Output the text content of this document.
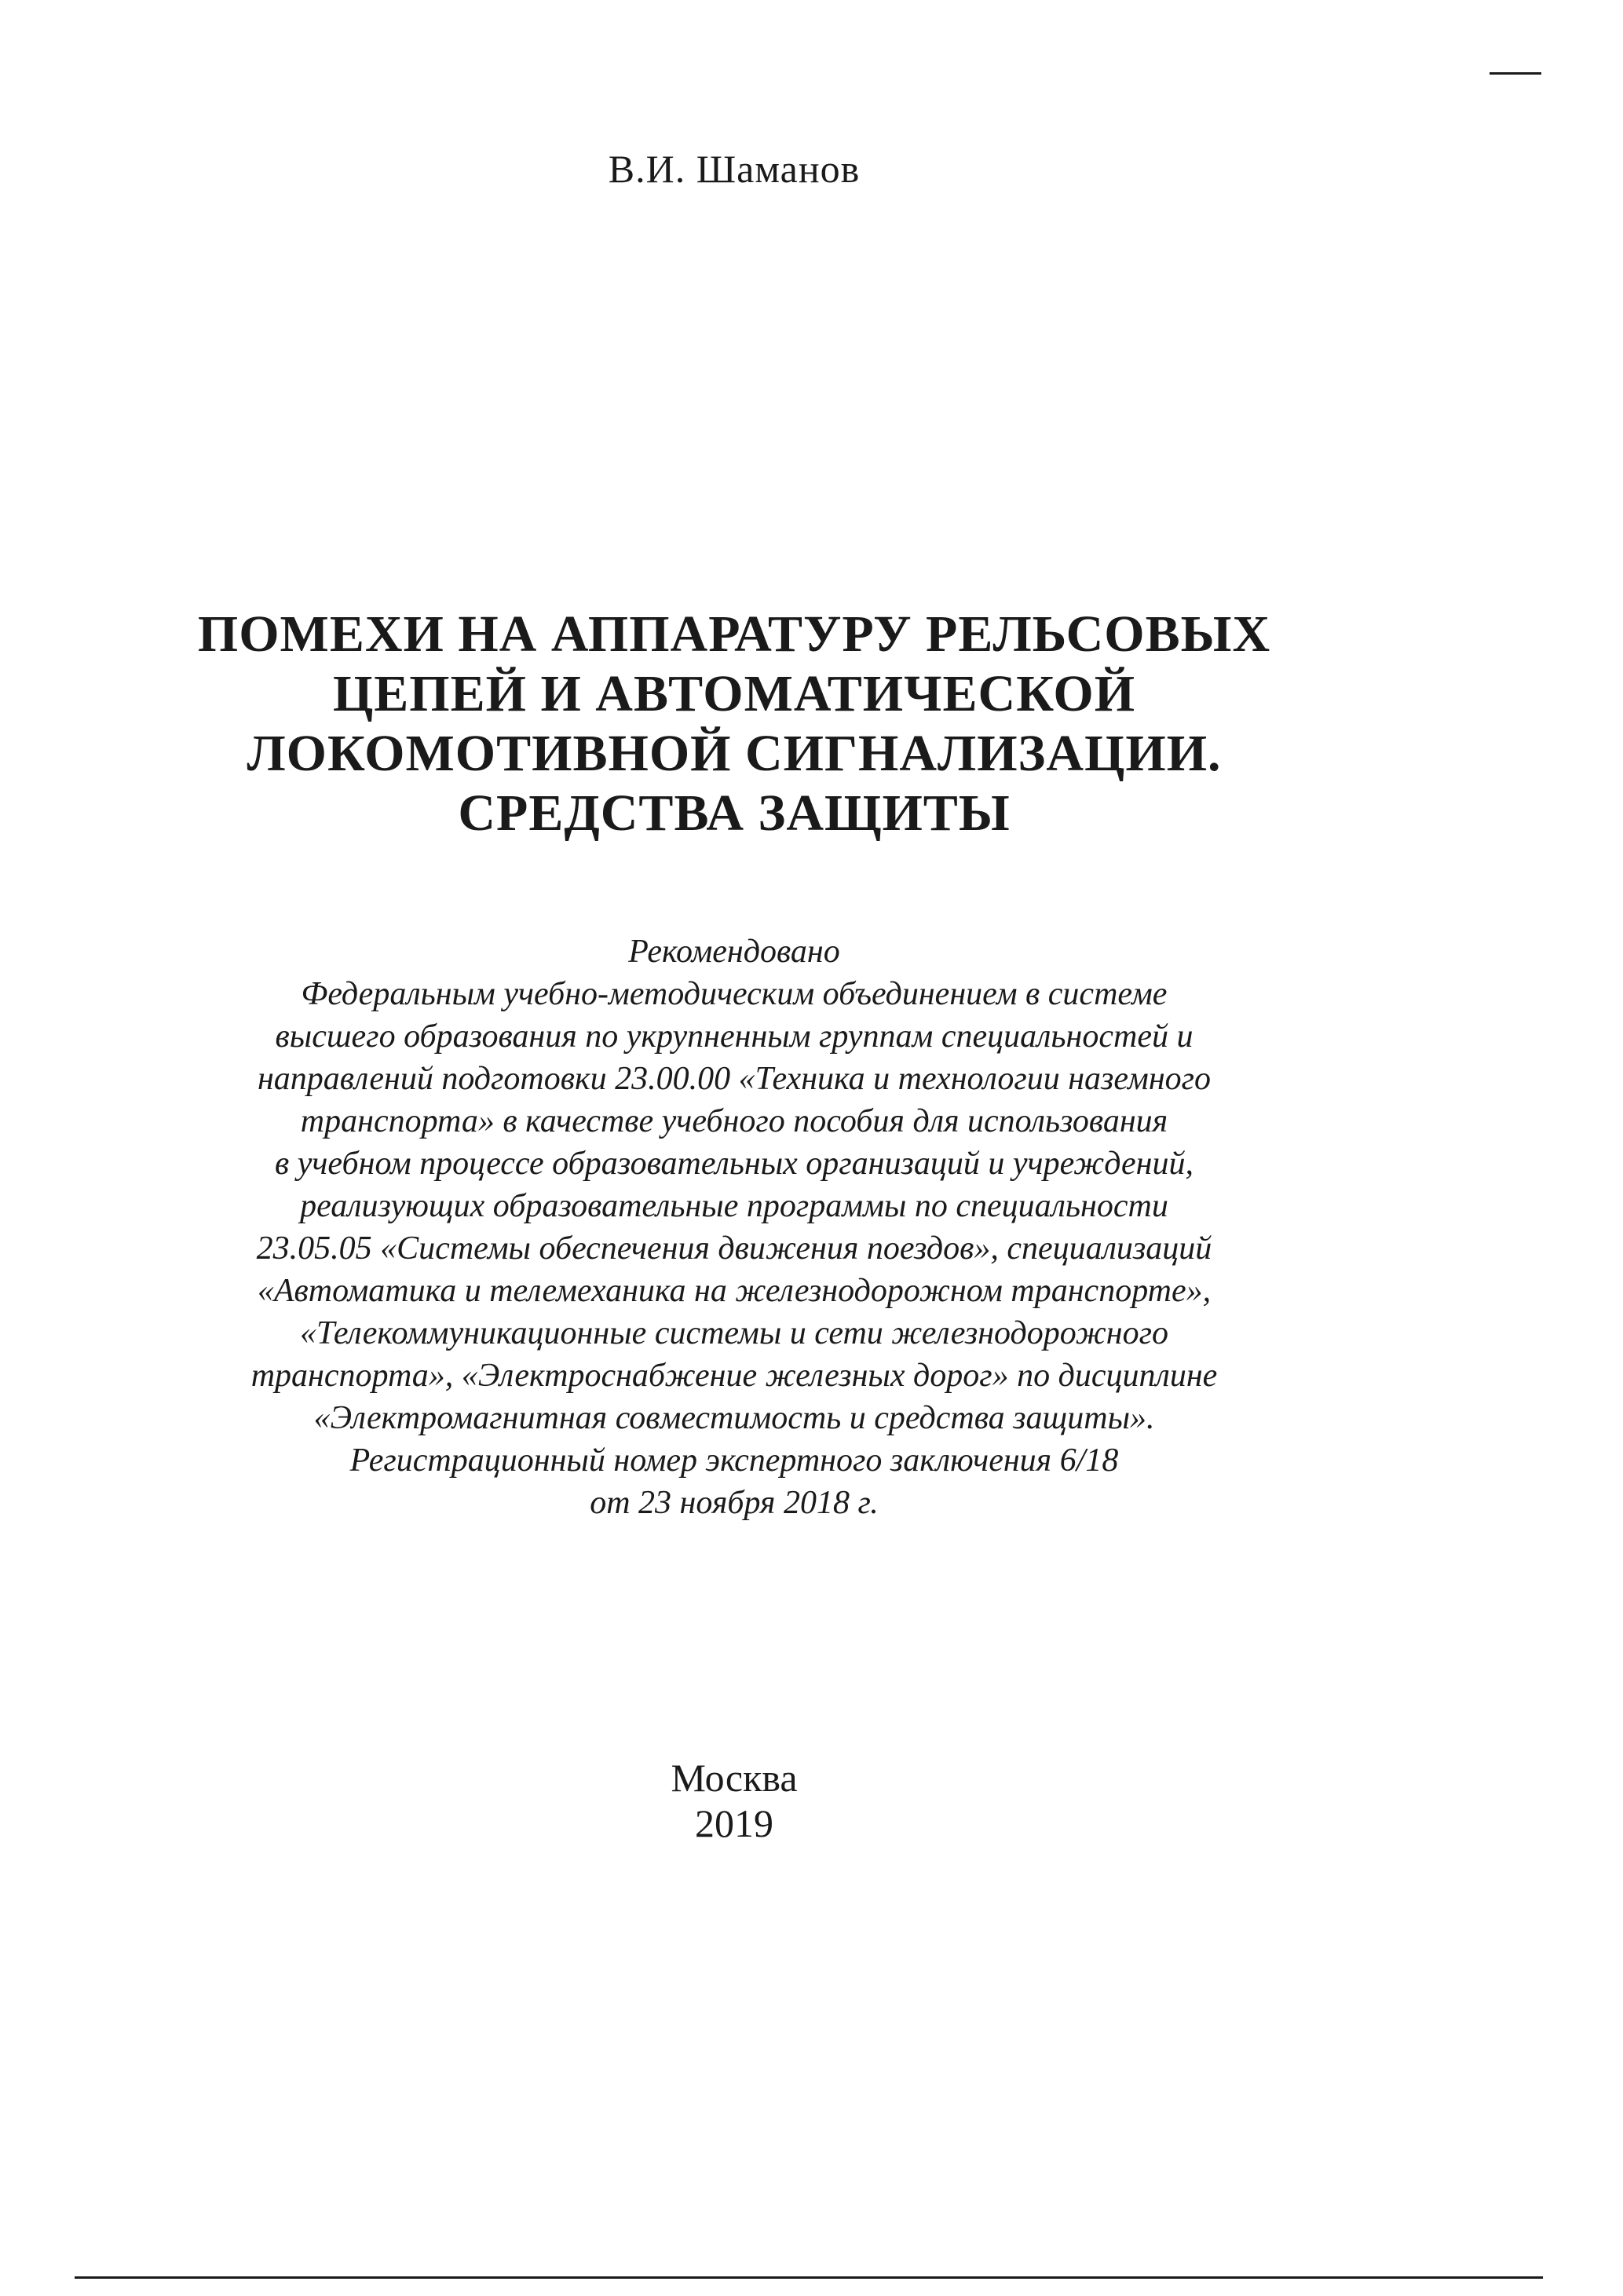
В.И. Шаманов
ПОМЕХИ НА АППАРАТУРУ РЕЛЬСОВЫХ
ЦЕПЕЙ И АВТОМАТИЧЕСКОЙ
ЛОКОМОТИВНОЙ СИГНАЛИЗАЦИИ.
СРЕДСТВА ЗАЩИТЫ
Рекомендовано
Федеральным учебно-методическим объединением в системе
высшего образования по укрупненным группам специальностей и
направлений подготовки 23.00.00 «Техника и технологии наземного
транспорта» в качестве учебного пособия для использования
в учебном процессе образовательных организаций и учреждений,
реализующих образовательные программы по специальности
23.05.05 «Системы обеспечения движения поездов», специализаций
«Автоматика и телемеханика на железнодорожном транспорте»,
«Телекоммуникационные системы и сети железнодорожного
транспорта», «Электроснабжение железных дорог» по дисциплине
«Электромагнитная совместимость и средства защиты».
Регистрационный номер экспертного заключения 6/18
от 23 ноября 2018 г.
Москва
2019
